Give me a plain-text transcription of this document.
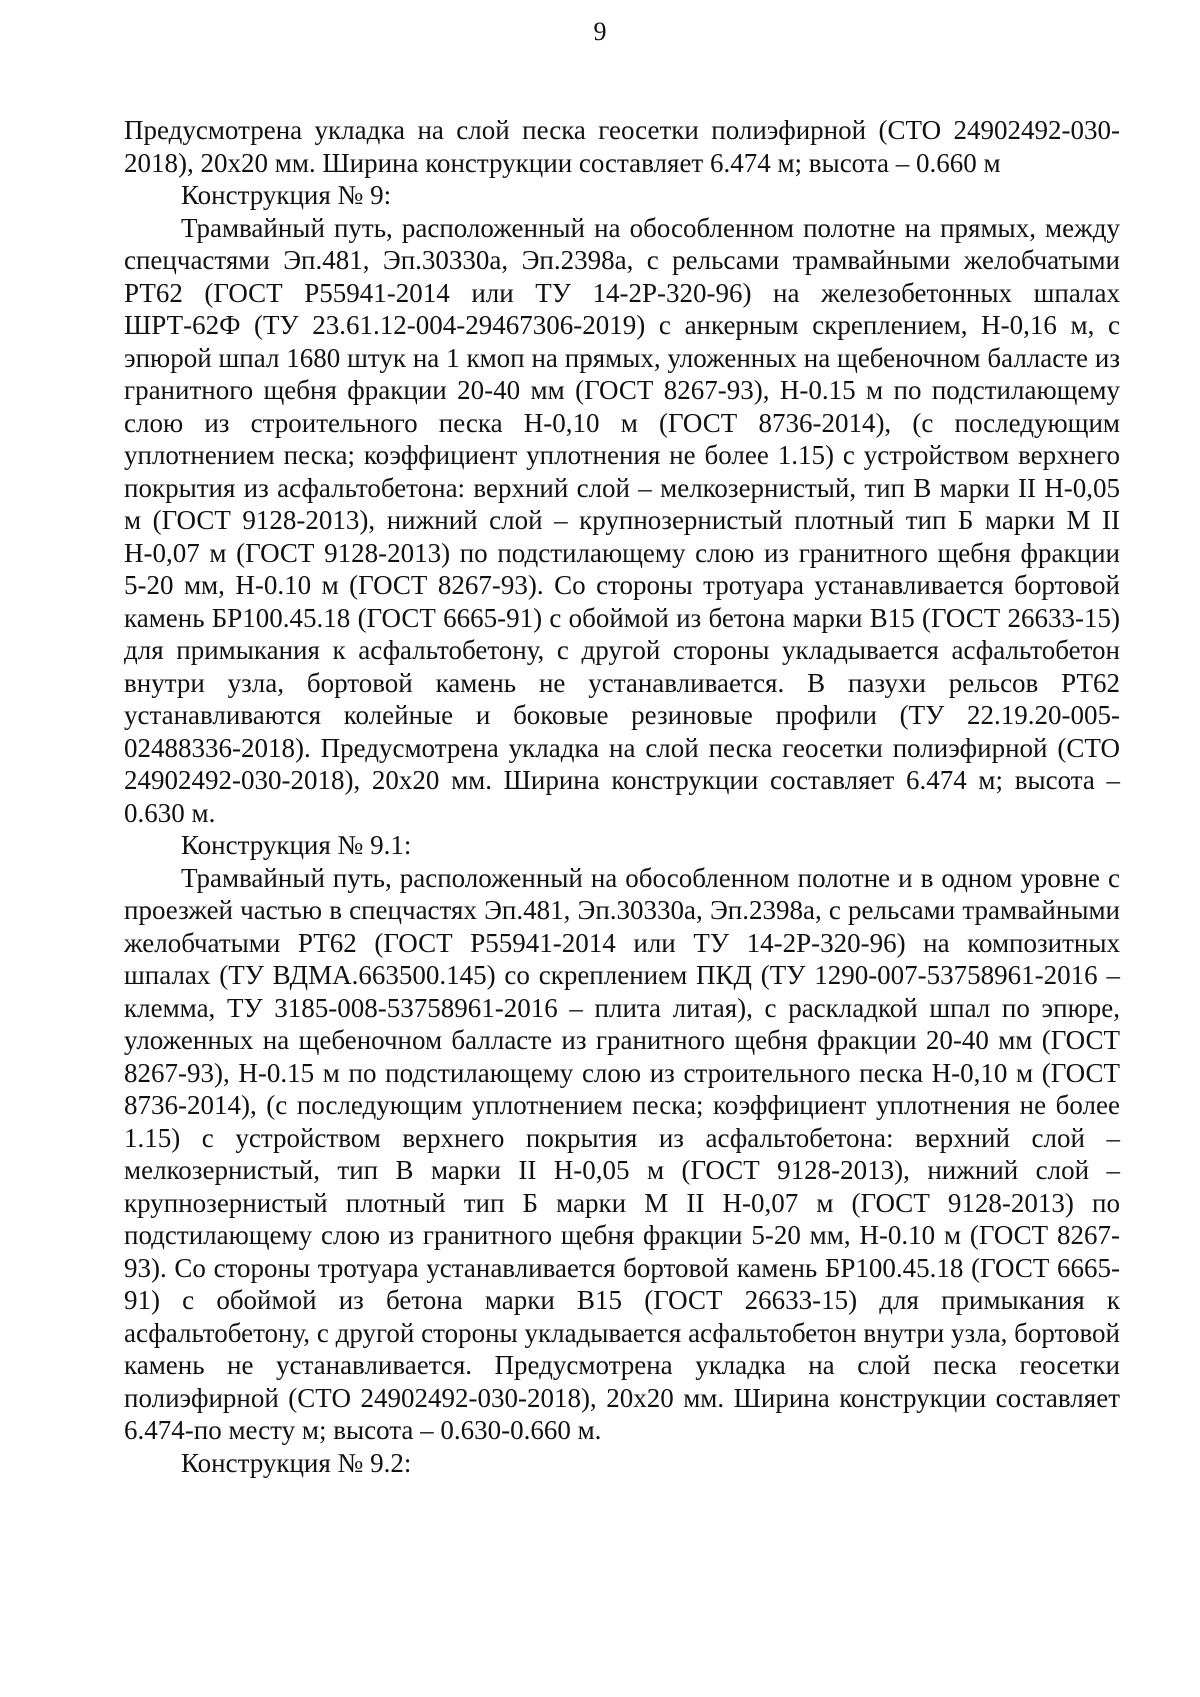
9

Предусмотрена укладка на слой песка геосетки полиэфирной (СТО 24902492-030-2018), 20х20 мм. Ширина конструкции составляет 6.474 м; высота – 0.660 м

Конструкция № 9:

Трамвайный путь, расположенный на обособленном полотне на прямых, между спецчастями Эп.481, Эп.30330а, Эп.2398а, с рельсами трамвайными желобчатыми РТ62 (ГОСТ Р55941-2014 или ТУ 14-2Р-320-96) на железобетонных шпалах ШРТ-62Ф (ТУ 23.61.12-004-29467306-2019) с анкерным скреплением, Н-0,16 м, с эпюрой шпал 1680 штук на 1 кмоп на прямых, уложенных на щебеночном балласте из гранитного щебня фракции 20-40 мм (ГОСТ 8267-93), Н-0.15 м по подстилающему слою из строительного песка Н-0,10 м (ГОСТ 8736-2014), (с последующим уплотнением песка; коэффициент уплотнения не более 1.15) с устройством верхнего покрытия из асфальтобетона: верхний слой – мелкозернистый, тип В марки II Н-0,05 м (ГОСТ 9128-2013), нижний слой – крупнозернистый плотный тип Б марки М II Н-0,07 м (ГОСТ 9128-2013) по подстилающему слою из гранитного щебня фракции 5-20 мм, Н-0.10 м (ГОСТ 8267-93). Со стороны тротуара устанавливается бортовой камень БР100.45.18 (ГОСТ 6665-91) с обоймой из бетона марки В15 (ГОСТ 26633-15) для примыкания к асфальтобетону, с другой стороны укладывается асфальтобетон внутри узла, бортовой камень не устанавливается. В пазухи рельсов РТ62 устанавливаются колейные и боковые резиновые профили (ТУ 22.19.20-005-02488336-2018). Предусмотрена укладка на слой песка геосетки полиэфирной (СТО 24902492-030-2018), 20х20 мм. Ширина конструкции составляет 6.474 м; высота – 0.630 м.

Конструкция № 9.1:

Трамвайный путь, расположенный на обособленном полотне и в одном уровне с проезжей частью в спецчастях Эп.481, Эп.30330а, Эп.2398а, с рельсами трамвайными желобчатыми РТ62 (ГОСТ Р55941-2014 или ТУ 14-2Р-320-96) на композитных шпалах (ТУ ВДМА.663500.145) со скреплением ПКД (ТУ 1290-007-53758961-2016 – клемма, ТУ 3185-008-53758961-2016 – плита литая), с раскладкой шпал по эпюре, уложенных на щебеночном балласте из гранитного щебня фракции 20-40 мм (ГОСТ 8267-93), Н-0.15 м по подстилающему слою из строительного песка Н-0,10 м (ГОСТ 8736-2014), (с последующим уплотнением песка; коэффициент уплотнения не более 1.15) с устройством верхнего покрытия из асфальтобетона: верхний слой – мелкозернистый, тип В марки II Н-0,05 м (ГОСТ 9128-2013), нижний слой – крупнозернистый плотный тип Б марки М II Н-0,07 м (ГОСТ 9128-2013) по подстилающему слою из гранитного щебня фракции 5-20 мм, Н-0.10 м (ГОСТ 8267-93). Со стороны тротуара устанавливается бортовой камень БР100.45.18 (ГОСТ 6665-91) с обоймой из бетона марки В15 (ГОСТ 26633-15) для примыкания к асфальтобетону, с другой стороны укладывается асфальтобетон внутри узла, бортовой камень не устанавливается. Предусмотрена укладка на слой песка геосетки полиэфирной (СТО 24902492-030-2018), 20х20 мм. Ширина конструкции составляет 6.474-по месту м; высота – 0.630-0.660 м.

Конструкция № 9.2:
